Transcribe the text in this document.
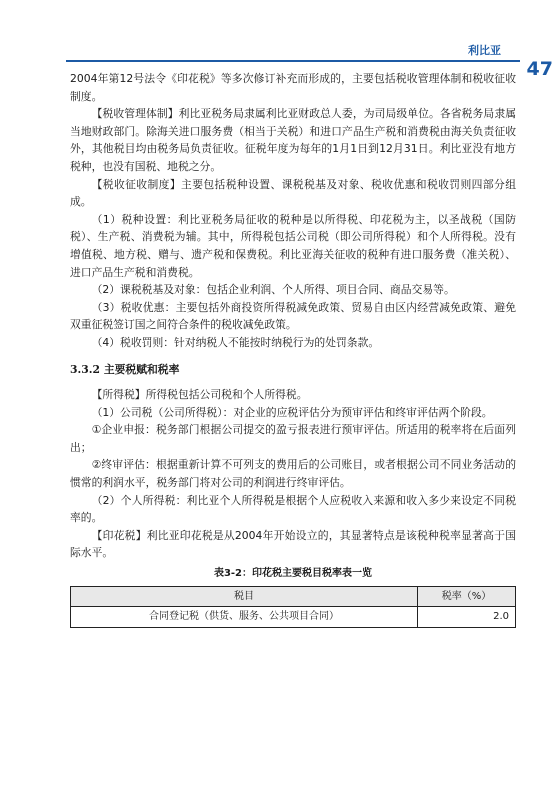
利比亚
47

2004年第12号法令《印花税》等多次修订补充而形成的，主要包括税收管理体制和税收征收制度。

【税收管理体制】利比亚税务局隶属利比亚财政总人委，为司局级单位。各省税务局隶属当地财政部门。除海关进口服务费（相当于关税）和进口产品生产税和消费税由海关负责征收外，其他税目均由税务局负责征收。征税年度为每年的1月1日到12月31日。利比亚没有地方税种，也没有国税、地税之分。

【税收征收制度】主要包括税种设置、课税税基及对象、税收优惠和税收罚则四部分组成。

（1）税种设置：利比亚税务局征收的税种是以所得税、印花税为主，以圣战税（国防税）、生产税、消费税为辅。其中，所得税包括公司税（即公司所得税）和个人所得税。没有增值税、地方税、赠与、遗产税和保费税。利比亚海关征收的税种有进口服务费（准关税）、进口产品生产税和消费税。

（2）课税税基及对象：包括企业利润、个人所得、项目合同、商品交易等。

（3）税收优惠：主要包括外商投资所得税减免政策、贸易自由区内经营减免政策、避免双重征税签订国之间符合条件的税收减免政策。

（4）税收罚则：针对纳税人不能按时纳税行为的处罚条款。

3.3.2 主要税赋和税率

【所得税】所得税包括公司税和个人所得税。

（1）公司税（公司所得税）：对企业的应税评估分为预审评估和终审评估两个阶段。

①企业申报：税务部门根据公司提交的盈亏报表进行预审评估。所适用的税率将在后面列出；

②终审评估：根据重新计算不可列支的费用后的公司账目，或者根据公司不同业务活动的惯常的利润水平，税务部门将对公司的利润进行终审评估。

（2）个人所得税：利比亚个人所得税是根据个人应税收入来源和收入多少来设定不同税率的。

【印花税】利比亚印花税是从2004年开始设立的，其显著特点是该税种税率显著高于国际水平。

表3-2：印花税主要税目税率表一览
税目	税率（%）
合同登记税（供货、服务、公共项目合同）	2.0
